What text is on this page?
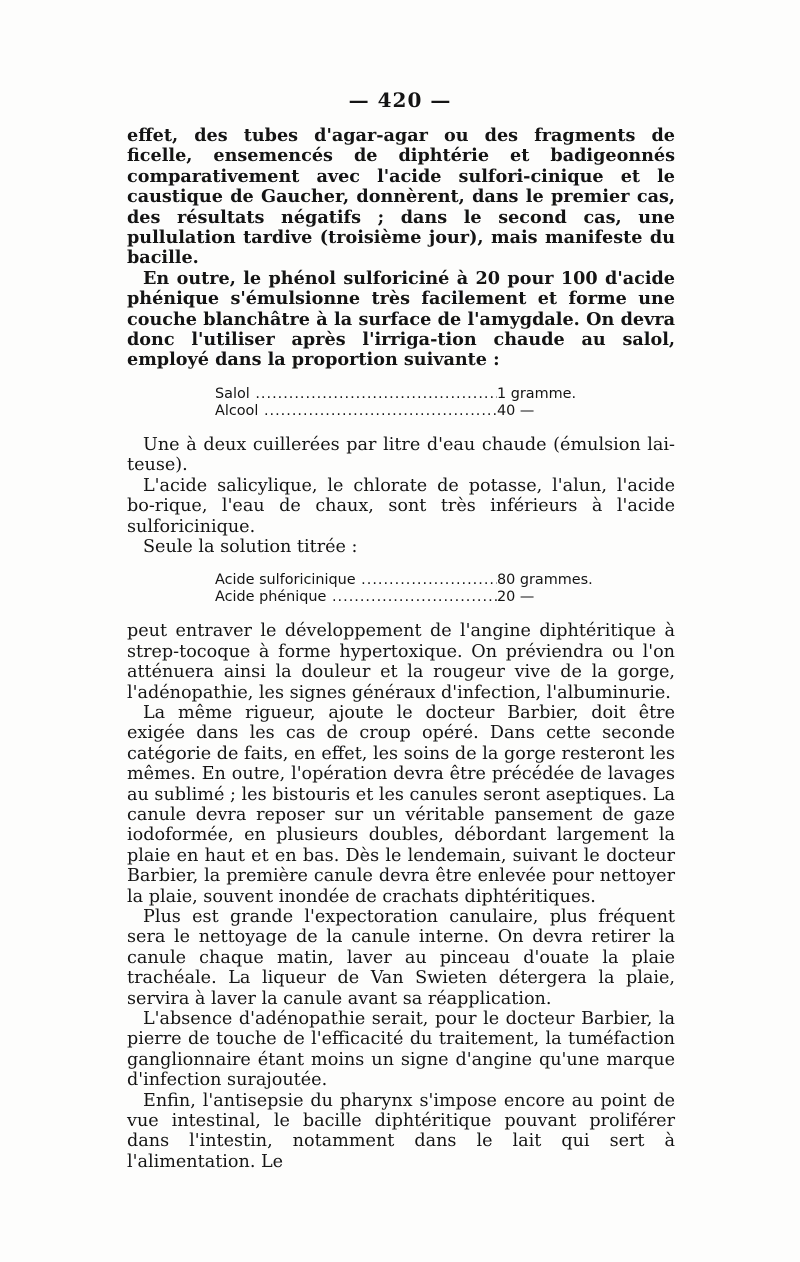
— 420 —

effet, des tubes d'agar-agar ou des fragments de ficelle, ensemencés de diphtérie et badigeonnés comparativement avec l'acide sulfori-cinique et le caustique de Gaucher, donnèrent, dans le premier cas, des résultats négatifs ; dans le second cas, une pullulation tardive (troisième jour), mais manifeste du bacille.

En outre, le phénol sulforiciné à 20 pour 100 d'acide phénique s'émulsionne très facilement et forme une couche blanchâtre à la surface de l'amygdale. On devra donc l'utiliser après l'irriga-tion chaude au salol, employé dans la proportion suivante :

Salol .....	1 gramme.
Alcool .....	40 —

Une à deux cuillerées par litre d'eau chaude (émulsion lai-teuse).

L'acide salicylique, le chlorate de potasse, l'alun, l'acide bo-rique, l'eau de chaux, sont très inférieurs à l'acide sulforicinique.

Seule la solution titrée :

Acide sulforicinique .....	80 grammes.
Acide phénique .....	20 —

peut entraver le développement de l'angine diphtéritique à strep-tocoque à forme hypertoxique. On préviendra ou l'on atténuera ainsi la douleur et la rougeur vive de la gorge, l'adénopathie, les signes généraux d'infection, l'albuminurie.

La même rigueur, ajoute le docteur Barbier, doit être exigée dans les cas de croup opéré. Dans cette seconde catégorie de faits, en effet, les soins de la gorge resteront les mêmes. En outre, l'opération devra être précédée de lavages au sublimé ; les bistouris et les canules seront aseptiques. La canule devra reposer sur un véritable pansement de gaze iodoformée, en plusieurs doubles, débordant largement la plaie en haut et en bas. Dès le lendemain, suivant le docteur Barbier, la première canule devra être enlevée pour nettoyer la plaie, souvent inondée de crachats diphtéritiques.

Plus est grande l'expectoration canulaire, plus fréquent sera le nettoyage de la canule interne. On devra retirer la canule chaque matin, laver au pinceau d'ouate la plaie trachéale. La liqueur de Van Swieten détergera la plaie, servira à laver la canule avant sa réapplication.

L'absence d'adénopathie serait, pour le docteur Barbier, la pierre de touche de l'efficacité du traitement, la tuméfaction ganglionnaire étant moins un signe d'angine qu'une marque d'infection surajoutée.

Enfin, l'antisepsie du pharynx s'impose encore au point de vue intestinal, le bacille diphtéritique pouvant proliférer dans l'intestin, notamment dans le lait qui sert à l'alimentation. Le
